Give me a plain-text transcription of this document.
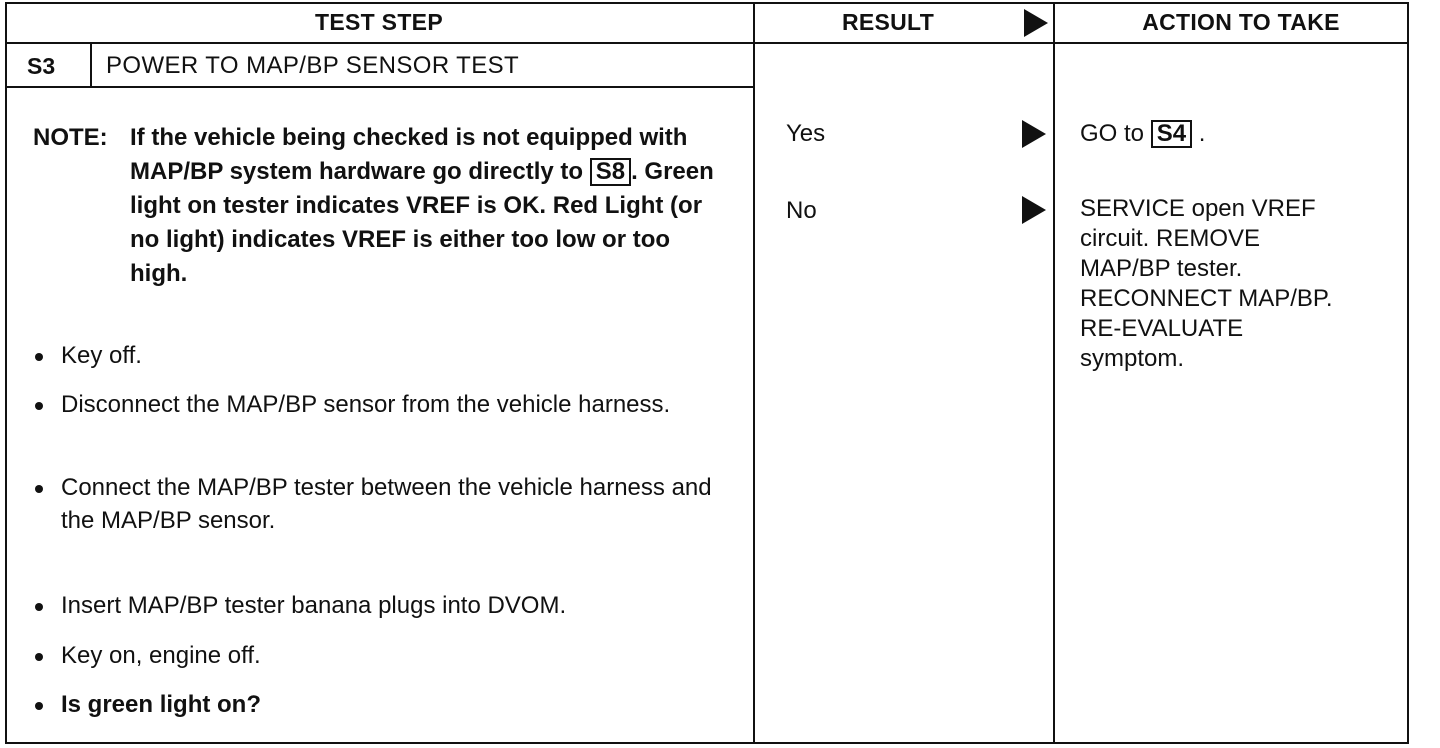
TEST STEP	RESULT	ACTION TO TAKE
S3 POWER TO MAP/BP SENSOR TEST
NOTE: If the vehicle being checked is not equipped with MAP/BP system hardware go directly to S8 . Green light on tester indicates VREF is OK. Red Light (or no light) indicates VREF is either too low or too high.
Key off.
Disconnect the MAP/BP sensor from the vehicle harness.
Connect the MAP/BP tester between the vehicle harness and the MAP/BP sensor.
Insert MAP/BP tester banana plugs into DVOM.
Key on, engine off.
Is green light on?
Yes	GO to S4 .
No	SERVICE open VREF
circuit. REMOVE
MAP/BP tester.
RECONNECT MAP/BP.
RE-EVALUATE
symptom.
